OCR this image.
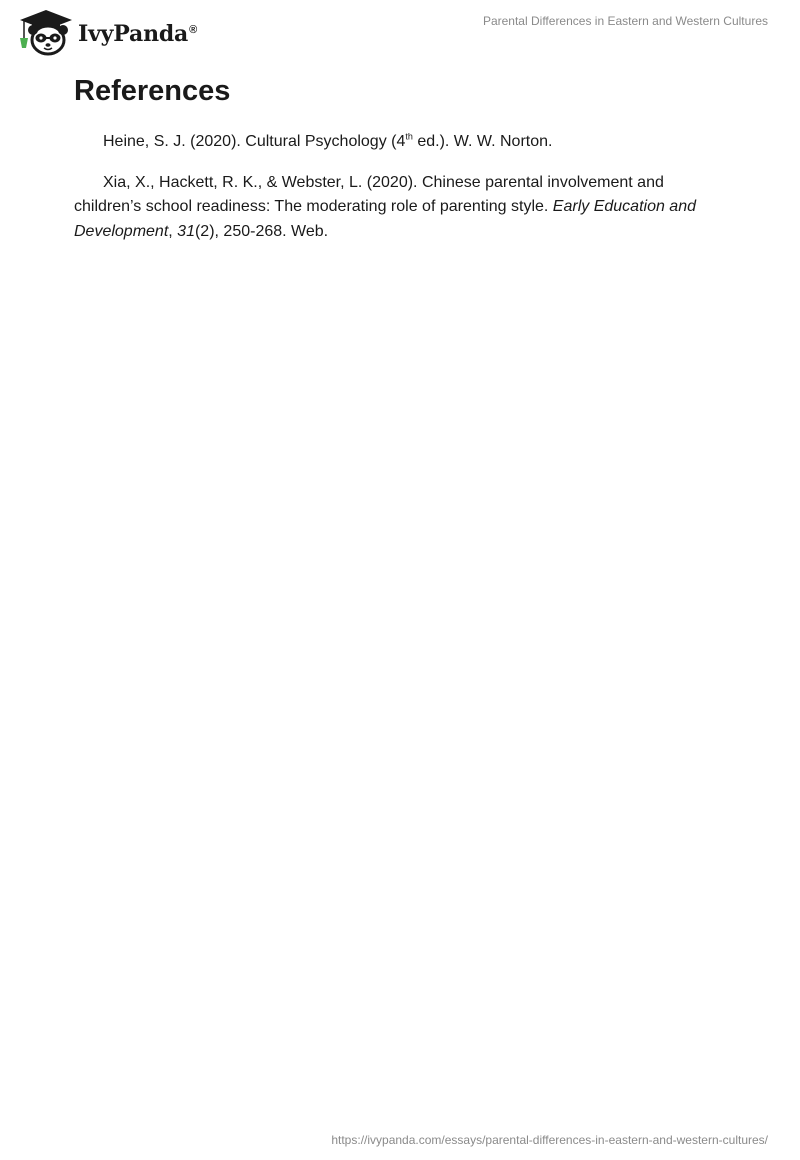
IvyPanda®
Parental Differences in Eastern and Western Cultures
References

Heine, S. J. (2020). Cultural Psychology (4th ed.). W. W. Norton.

Xia, X., Hackett, R. K., & Webster, L. (2020). Chinese parental involvement and children’s school readiness: The moderating role of parenting style. Early Education and Development, 31(2), 250-268. Web.

https://ivypanda.com/essays/parental-differences-in-eastern-and-western-cultures/
